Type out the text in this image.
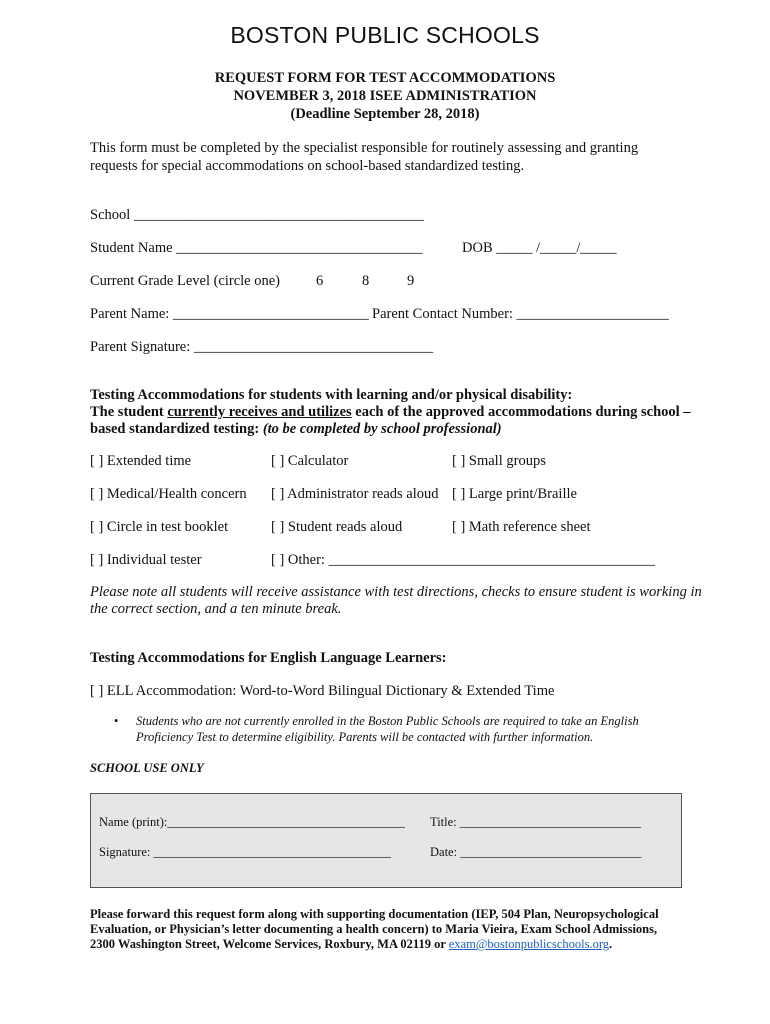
BOSTON PUBLIC SCHOOLS
REQUEST FORM FOR TEST ACCOMMODATIONS
NOVEMBER 3, 2018 ISEE ADMINISTRATION
(Deadline September 28, 2018)
This form must be completed by the specialist responsible for routinely assessing and granting
requests for special accommodations on school-based standardized testing.
School ________________________________________
Student Name __________________________________	DOB _____ /_____/_____
Current Grade Level (circle one) 6	8	9
Parent Name: ___________________________ Parent Contact Number: _____________________
Parent Signature: _________________________________
Testing Accommodations for students with learning and/or physical disability:
The student currently receives and utilizes each of the approved accommodations during school –
based standardized testing: (to be completed by school professional)
[ ] Extended time	[ ] Calculator	[ ] Small groups
[ ] Medical/Health concern [ ] Administrator reads aloud [ ] Large print/Braille
[ ] Circle in test booklet	[ ] Student reads aloud	[ ] Math reference sheet
[ ] Individual tester	[ ] Other: _____________________________________________
Please note all students will receive assistance with test directions, checks to ensure student is working in
the correct section, and a ten minute break.
Testing Accommodations for English Language Learners:
[ ] ELL Accommodation: Word-to-Word Bilingual Dictionary & Extended Time
• Students who are not currently enrolled in the Boston Public Schools are required to take an English
Proficiency Test to determine eligibility. Parents will be contacted with further information.
SCHOOL USE ONLY
Name (print):______________________________________ Title: _____________________________
Signature: ______________________________________	Date: _____________________________
Please forward this request form along with supporting documentation (IEP, 504 Plan, Neuropsychological
Evaluation, or Physician’s letter documenting a health concern) to Maria Vieira, Exam School Admissions,
2300 Washington Street, Welcome Services, Roxbury, MA 02119 or exam@bostonpublicschools.org.
